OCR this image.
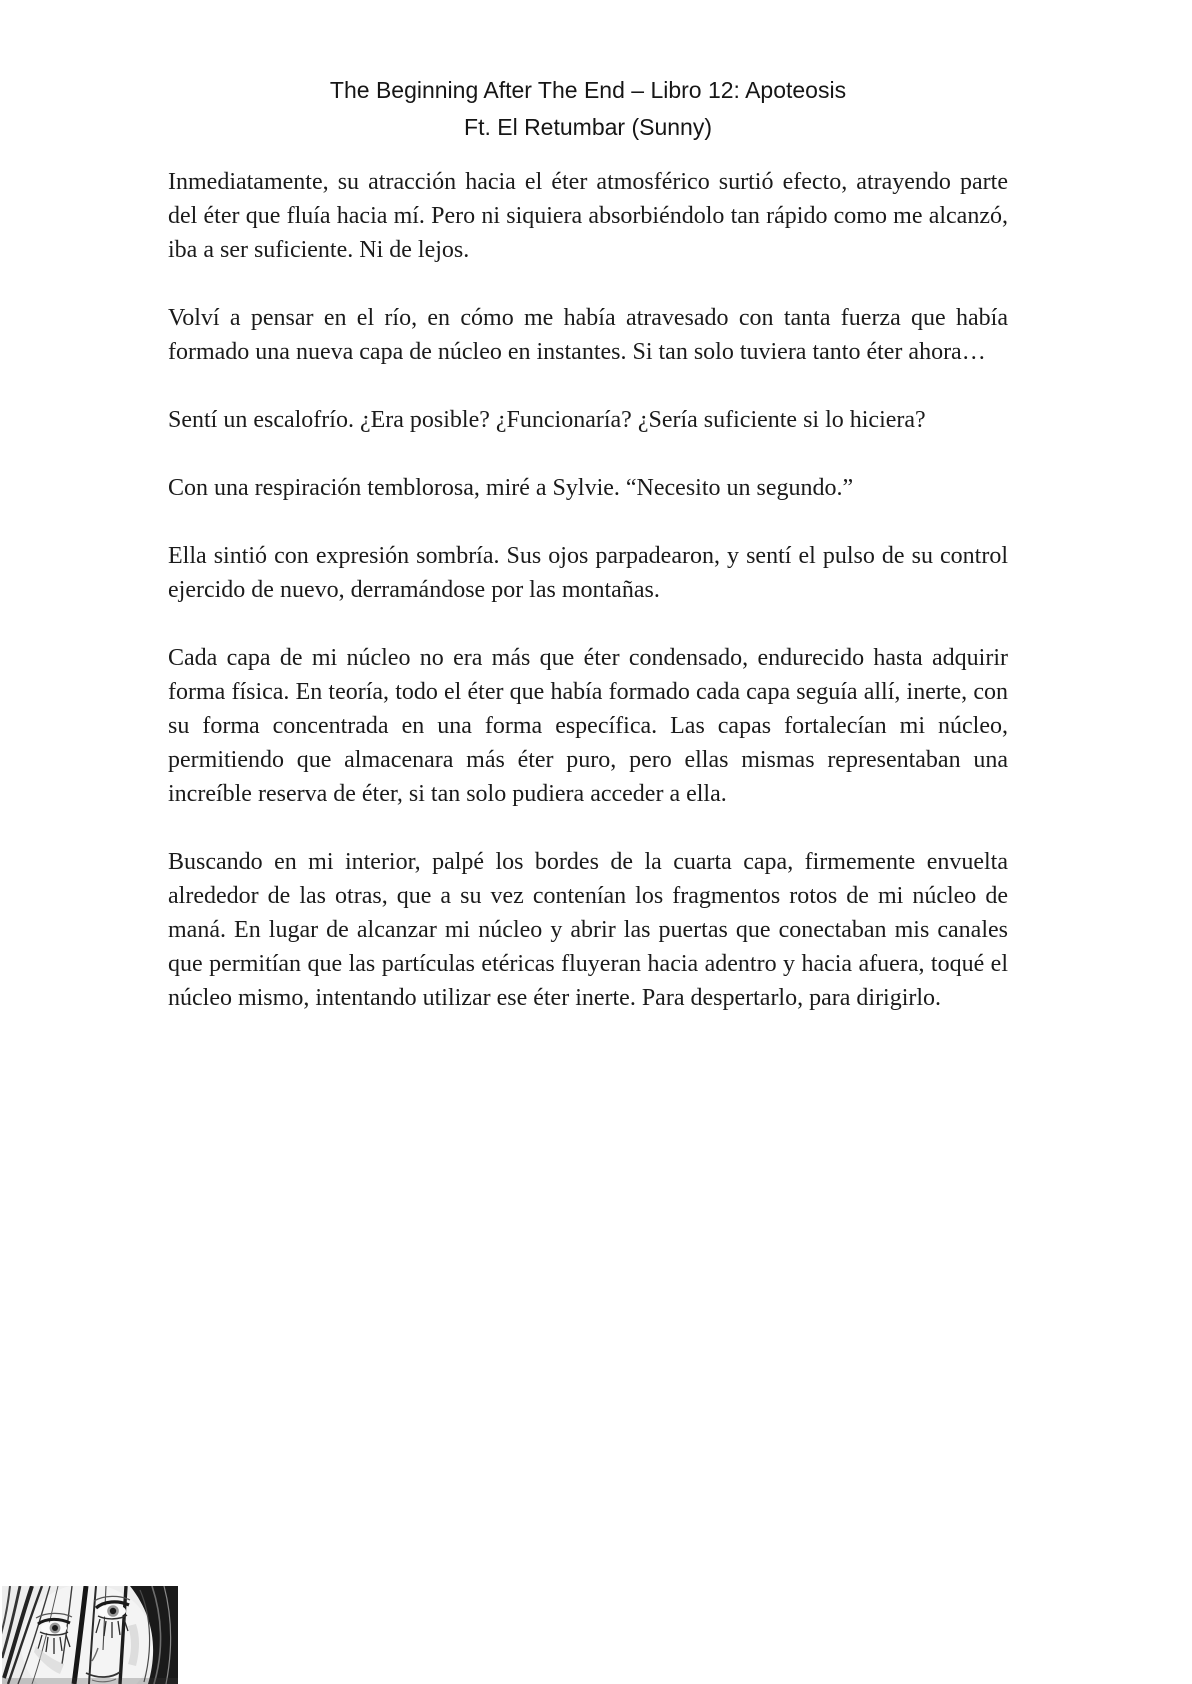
The Beginning After The End – Libro 12: Apoteosis
Ft. El Retumbar (Sunny)

Inmediatamente, su atracción hacia el éter atmosférico surtió efecto, atrayendo parte del éter que fluía hacia mí. Pero ni siquiera absorbiéndolo tan rápido como me alcanzó, iba a ser suficiente. Ni de lejos.

Volví a pensar en el río, en cómo me había atravesado con tanta fuerza que había formado una nueva capa de núcleo en instantes. Si tan solo tuviera tanto éter ahora…

Sentí un escalofrío. ¿Era posible? ¿Funcionaría? ¿Sería suficiente si lo hiciera?

Con una respiración temblorosa, miré a Sylvie. “Necesito un segundo.”

Ella sintió con expresión sombría. Sus ojos parpadearon, y sentí el pulso de su control ejercido de nuevo, derramándose por las montañas.

Cada capa de mi núcleo no era más que éter condensado, endurecido hasta adquirir forma física. En teoría, todo el éter que había formado cada capa seguía allí, inerte, con su forma concentrada en una forma específica. Las capas fortalecían mi núcleo, permitiendo que almacenara más éter puro, pero ellas mismas representaban una increíble reserva de éter, si tan solo pudiera acceder a ella.

Buscando en mi interior, palpé los bordes de la cuarta capa, firmemente envuelta alrededor de las otras, que a su vez contenían los fragmentos rotos de mi núcleo de maná. En lugar de alcanzar mi núcleo y abrir las puertas que conectaban mis canales que permitían que las partículas etéricas fluyeran hacia adentro y hacia afuera, toqué el núcleo mismo, intentando utilizar ese éter inerte. Para despertarlo, para dirigirlo.
